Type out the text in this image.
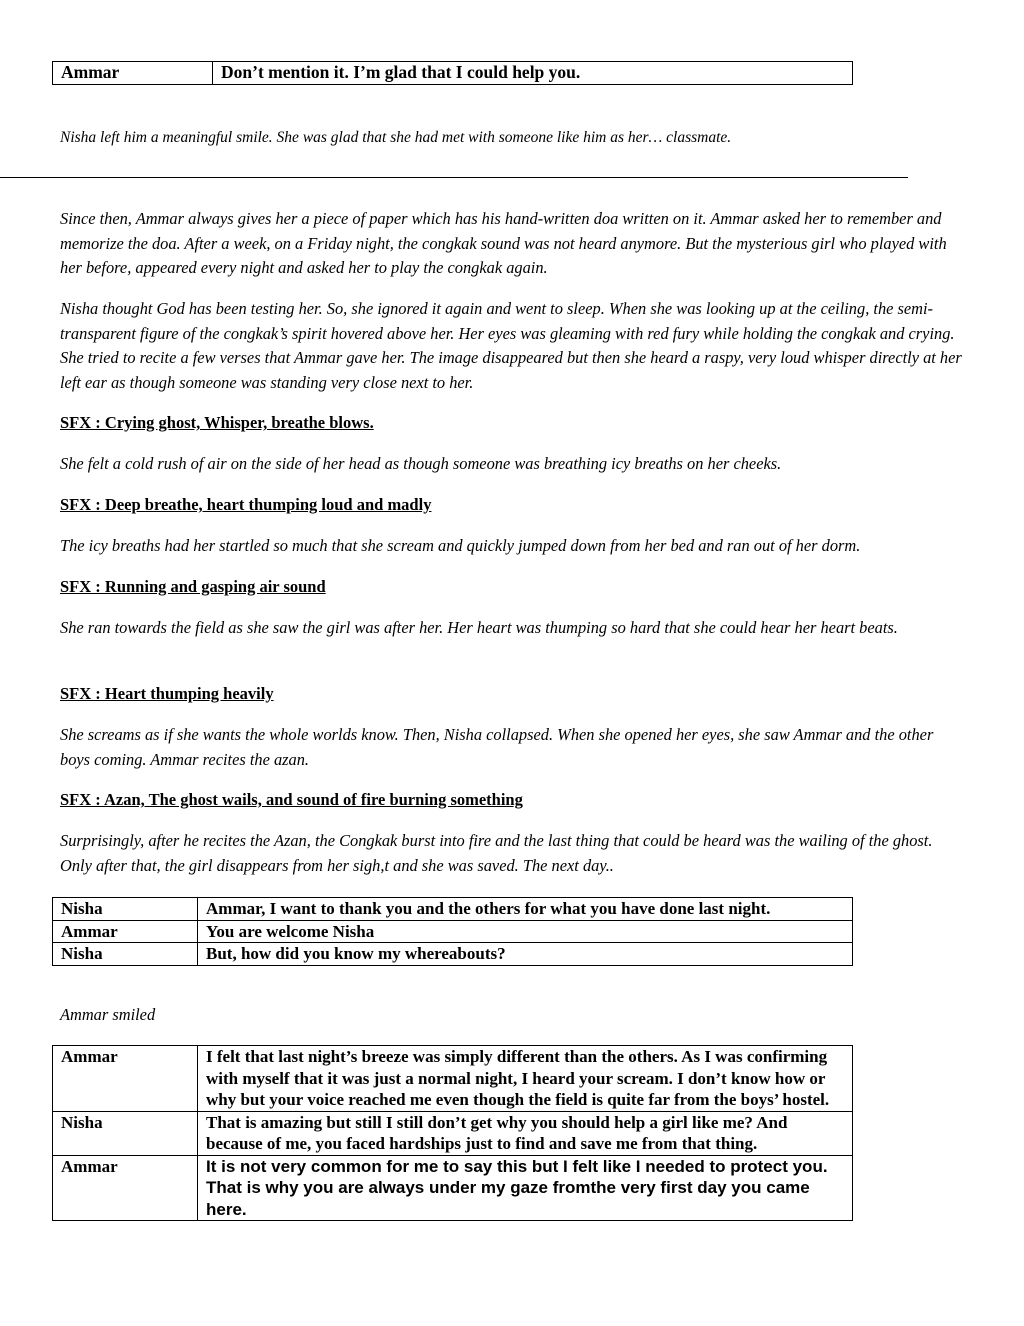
Ammar	Don’t mention it. I’m glad that I could help you.

Nisha left him a meaningful smile. She was glad that she had met with someone like him as her… classmate.

Since then, Ammar always gives her a piece of paper which has his hand-written doa written on it. Ammar asked her to remember and memorize the doa. After a week, on a Friday night, the congkak sound was not heard anymore. But the mysterious girl who played with her before, appeared every night and asked her to play the congkak again.

Nisha thought God has been testing her. So, she ignored it again and went to sleep. When she was looking up at the ceiling, the semi-transparent figure of the congkak’s spirit hovered above her. Her eyes was gleaming with red fury while holding the congkak and crying. She tried to recite a few verses that Ammar gave her. The image disappeared but then she heard a raspy, very loud whisper directly at her left ear as though someone was standing very close next to her.

SFX : Crying ghost, Whisper, breathe blows.

She felt a cold rush of air on the side of her head as though someone was breathing icy breaths on her cheeks.

SFX : Deep breathe, heart thumping loud and madly

The icy breaths had her startled so much that she scream and quickly jumped down from her bed and ran out of her dorm.

SFX : Running and gasping air sound

She ran towards the field as she saw the girl was after her. Her heart was thumping so hard that she could hear her heart beats.

SFX : Heart thumping heavily

She screams as if she wants the whole worlds know. Then, Nisha collapsed. When she opened her eyes, she saw Ammar and the other boys coming. Ammar recites the azan.

SFX : Azan, The ghost wails, and sound of fire burning something

Surprisingly, after he recites the Azan, the Congkak burst into fire and the last thing that could be heard was the wailing of the ghost. Only after that, the girl disappears from her sigh,t and she was saved. The next day..

Nisha	Ammar, I want to thank you and the others for what you have done last night.
Ammar	You are welcome Nisha
Nisha	But, how did you know my whereabouts?

Ammar smiled

Ammar	I felt that last night’s breeze was simply different than the others. As I was confirming with myself that it was just a normal night, I heard your scream. I don’t know how or why but your voice reached me even though the field is quite far from the boys’ hostel.
Nisha	That is amazing but still I still don’t get why you should help a girl like me? And because of me, you faced hardships just to find and save me from that thing.
Ammar	It is not very common for me to say this but I felt like I needed to protect you. That is why you are always under my gaze fromthe very first day you came here.
